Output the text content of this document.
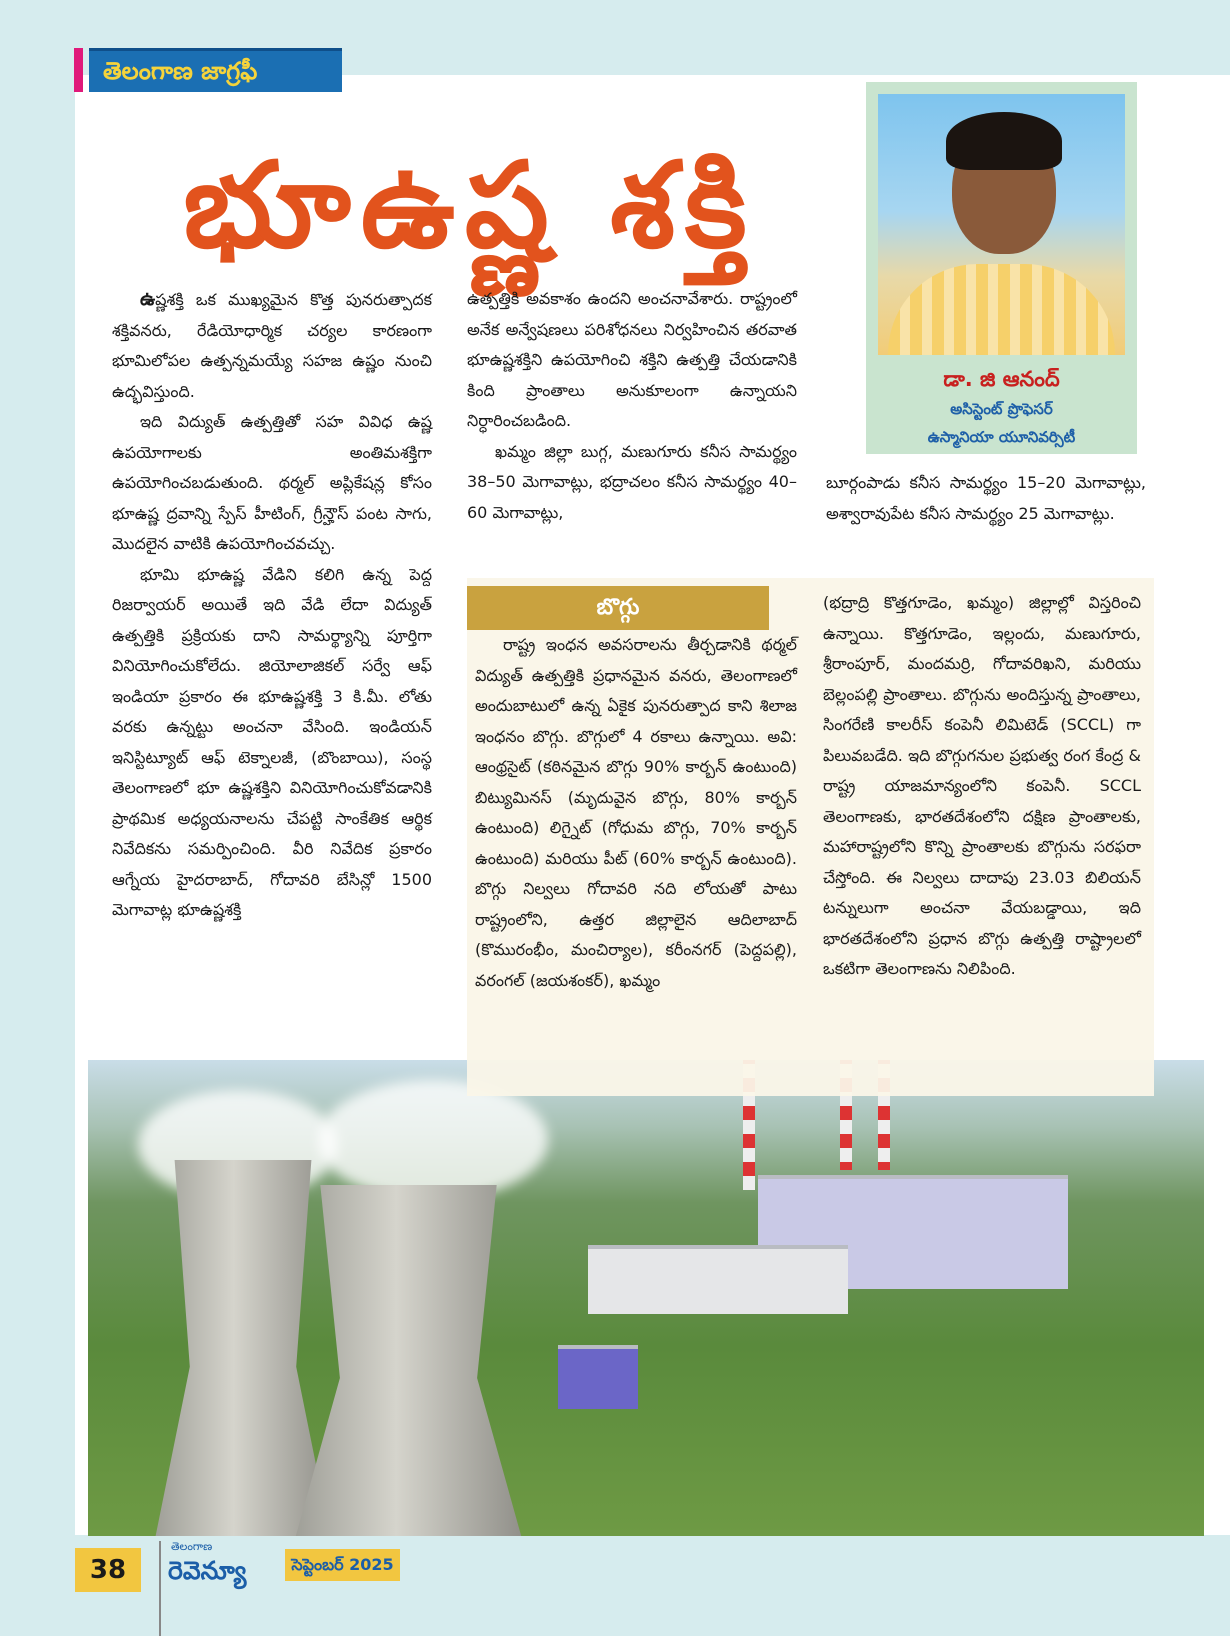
తెలంగాణ జాగ్రఫీ
భూఉష్ణ శక్తి
డా. జి ఆనంద్
అసిస్టెంట్ ప్రొఫెసర్
ఉస్మానియా యూనివర్సిటీ

ఉష్ణశక్తి ఒక ముఖ్యమైన కొత్త పునరుత్పాదక శక్తివనరు, రేడియోధార్మిక చర్యల కారణంగా భూమిలోపల ఉత్పన్నమయ్యే సహజ ఉష్ణం నుంచి ఉద్భవిస్తుంది.

ఇది విద్యుత్ ఉత్పత్తితో సహ వివిధ ఉష్ణ ఉపయోగాలకు అంతిమశక్తిగా ఉపయోగించబడుతుంది. థర్మల్ అప్లికేషన్ల కోసం భూఉష్ణ ద్రవాన్ని స్పేస్ హీటింగ్, గ్రీన్హౌస్ పంట సాగు, మొదలైన వాటికి ఉపయోగించవచ్చు.

భూమి భూఉష్ణ వేడిని కలిగి ఉన్న పెద్ద రిజర్వాయర్ అయితే ఇది వేడి లేదా విద్యుత్ ఉత్పత్తికి ప్రక్రియకు దాని సామర్థ్యాన్ని పూర్తిగా వినియోగించుకోలేదు. జియోలాజికల్ సర్వే ఆఫ్ ఇండియా ప్రకారం ఈ భూఉష్ణశక్తి 3 కి.మీ. లోతు వరకు ఉన్నట్టు అంచనా వేసింది. ఇండియన్ ఇనిస్టిట్యూట్ ఆఫ్ టెక్నాలజీ, (బొంబాయి), సంస్థ తెలంగాణలో భూ ఉష్ణశక్తిని వినియోగించుకోవడానికి ప్రాథమిక అధ్యయనాలను చేపట్టి సాంకేతిక ఆర్థిక నివేదికను సమర్పించింది. వీరి నివేదిక ప్రకారం ఆగ్నేయ హైదరాబాద్, గోదావరి బేసిన్లో 1500 మెగావాట్ల భూఉష్ణశక్తి

ఉత్పత్తికి అవకాశం ఉందని అంచనావేశారు. రాష్ట్రంలో అనేక అన్వేషణలు పరిశోధనలు నిర్వహించిన తరవాత భూఉష్ణశక్తిని ఉపయోగించి శక్తిని ఉత్పత్తి చేయడానికి కింది ప్రాంతాలు అనుకూలంగా ఉన్నాయని నిర్ధారించబడింది.

ఖమ్మం జిల్లా బుగ్గ, మణుగూరు కనీస సామర్థ్యం 38–50 మెగావాట్లు, భద్రాచలం కనీస సామర్థ్యం 40–60 మెగావాట్లు,

బూర్గంపాడు కనీస సామర్థ్యం 15–20 మెగావాట్లు, అశ్వారావుపేట కనీస సామర్థ్యం 25 మెగావాట్లు.

రాష్ట్ర ఇంధన అవసరాలను తీర్చడానికి థర్మల్ విద్యుత్ ఉత్పత్తికి ప్రధానమైన వనరు, తెలంగాణలో అందుబాటులో ఉన్న ఏకైక పునరుత్పాద కాని శిలాజ ఇంధనం బొగ్గు. బొగ్గులో 4 రకాలు ఉన్నాయి. అవి: ఆంథ్రసైట్ (కఠినమైన బొగ్గు 90% కార్బన్ ఉంటుంది) బిట్యుమినస్ (మృదువైన బొగ్గు, 80% కార్బన్ ఉంటుంది) లిగ్నైట్ (గోధుమ బొగ్గు, 70% కార్బన్ ఉంటుంది) మరియు పీట్ (60% కార్బన్ ఉంటుంది). బొగ్గు నిల్వలు గోదావరి నది లోయతో పాటు రాష్ట్రంలోని, ఉత్తర జిల్లాలైన ఆదిలాబాద్ (కొమురంభీం, మంచిర్యాల), కరీంనగర్ (పెద్దపల్లి), వరంగల్ (జయశంకర్), ఖమ్మం

(భద్రాద్రి కొత్తగూడెం, ఖమ్మం) జిల్లాల్లో విస్తరించి ఉన్నాయి. కొత్తగూడెం, ఇల్లందు, మణుగూరు, శ్రీరాంపూర్, మందమర్రి, గోదావరిఖని, మరియు బెల్లంపల్లి ప్రాంతాలు. బొగ్గును అందిస్తున్న ప్రాంతాలు, సింగరేణి కాలరీస్ కంపెనీ లిమిటెడ్ (SCCL) గా పిలువబడేది. ఇది బొగ్గుగనుల ప్రభుత్వ రంగ కేంద్ర & రాష్ట్ర యాజమాన్యంలోని కంపెనీ. SCCL తెలంగాణకు, భారతదేశంలోని దక్షిణ ప్రాంతాలకు, మహారాష్ట్రలోని కొన్ని ప్రాంతాలకు బొగ్గును సరఫరా చేస్తోంది. ఈ నిల్వలు దాదాపు 23.03 బిలియన్ టన్నులుగా అంచనా వేయబడ్డాయి, ఇది భారతదేశంలోని ప్రధాన బొగ్గు ఉత్పత్తి రాష్ట్రాలలో ఒకటిగా తెలంగాణను నిలిపింది.

బొగ్గు
38
తెలంగాణ
రెవెన్యూ	సెప్టెంబర్ 2025
